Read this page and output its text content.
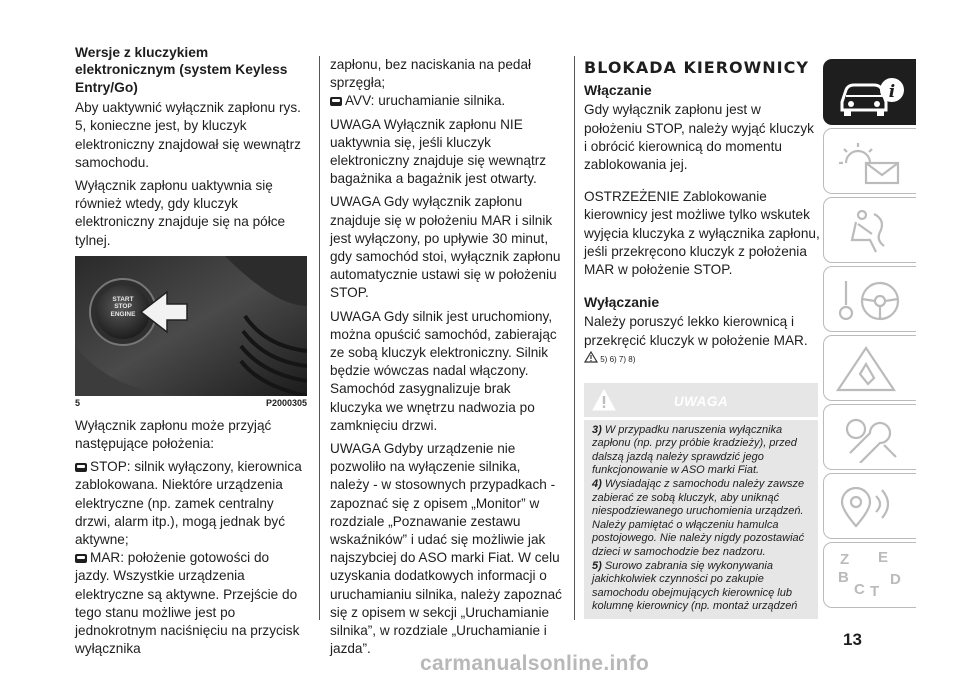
Wersje z kluczykiem elektronicznym (system Keyless Entry/Go)

Aby uaktywnić wyłącznik zapłonu rys. 5, konieczne jest, by kluczyk elektroniczny znajdował się wewnątrz samochodu.

Wyłącznik zapłonu uaktywnia się również wtedy, gdy kluczyk elektroniczny znajduje się na półce tylnej.

START
STOP
ENGINE
5	P2000305

Wyłącznik zapłonu może przyjąć następujące położenia:

STOP: silnik wyłączony, kierownica zablokowana. Niektóre urządzenia elektryczne (np. zamek centralny drzwi, alarm itp.), mogą jednak być aktywne;

MAR: położenie gotowości do jazdy. Wszystkie urządzenia elektryczne są aktywne. Przejście do tego stanu możliwe jest po jednokrotnym naciśnięciu na przycisk wyłącznika

zapłonu, bez naciskania na pedał sprzęgła;

AVV: uruchamianie silnika.

UWAGA Wyłącznik zapłonu NIE uaktywnia się, jeśli kluczyk elektroniczny znajduje się wewnątrz bagażnika a bagażnik jest otwarty.

UWAGA Gdy wyłącznik zapłonu znajduje się w położeniu MAR i silnik jest wyłączony, po upływie 30 minut, gdy samochód stoi, wyłącznik zapłonu automatycznie ustawi się w położeniu STOP.

UWAGA Gdy silnik jest uruchomiony, można opuścić samochód, zabierając ze sobą kluczyk elektroniczny. Silnik będzie wówczas nadal włączony. Samochód zasygnalizuje brak kluczyka we wnętrzu nadwozia po zamknięciu drzwi.

UWAGA Gdyby urządzenie nie pozwoliło na wyłączenie silnika, należy - w stosownych przypadkach - zapoznać się z opisem „Monitor” w rozdziale „Poznawanie zestawu wskaźników” i udać się możliwie jak najszybciej do ASO marki Fiat. W celu uzyskania dodatkowych informacji o uruchamianiu silnika, należy zapoznać się z opisem w sekcji „Uruchamianie silnika”, w rozdziale „Uruchamianie i jazda”.

BLOKADA KIEROWNICY
Włączanie

Gdy wyłącznik zapłonu jest w położeniu STOP, należy wyjąć kluczyk i obrócić kierownicą do momentu zablokowania jej.

OSTRZEŻENIE Zablokowanie kierownicy jest możliwe tylko wskutek wyjęcia kluczyka z wyłącznika zapłonu, jeśli przekręcono kluczyk z położenia MAR w położenie STOP.

Wyłączanie

Należy poruszyć lekko kierownicą i przekręcić kluczyk w położenie MAR.

5) 6) 7) 8)
UWAGA

3) W przypadku naruszenia wyłącznika zapłonu (np. przy próbie kradzieży), przed dalszą jazdą należy sprawdzić jego funkcjonowanie w ASO marki Fiat.

4) Wysiadając z samochodu należy zawsze zabierać ze sobą kluczyk, aby uniknąć niespodziewanego uruchomienia urządzeń. Należy pamiętać o włączeniu hamulca postojowego. Nie należy nigdy pozostawiać dzieci w samochodzie bez nadzoru.

5) Surowo zabrania się wykonywania jakichkolwiek czynności po zakupie samochodu obejmujących kierownicę lub kolumnę kierownicy (np. montaż urządzeń

i
Z E
B
C T
D
13
carmanualsonline.info
